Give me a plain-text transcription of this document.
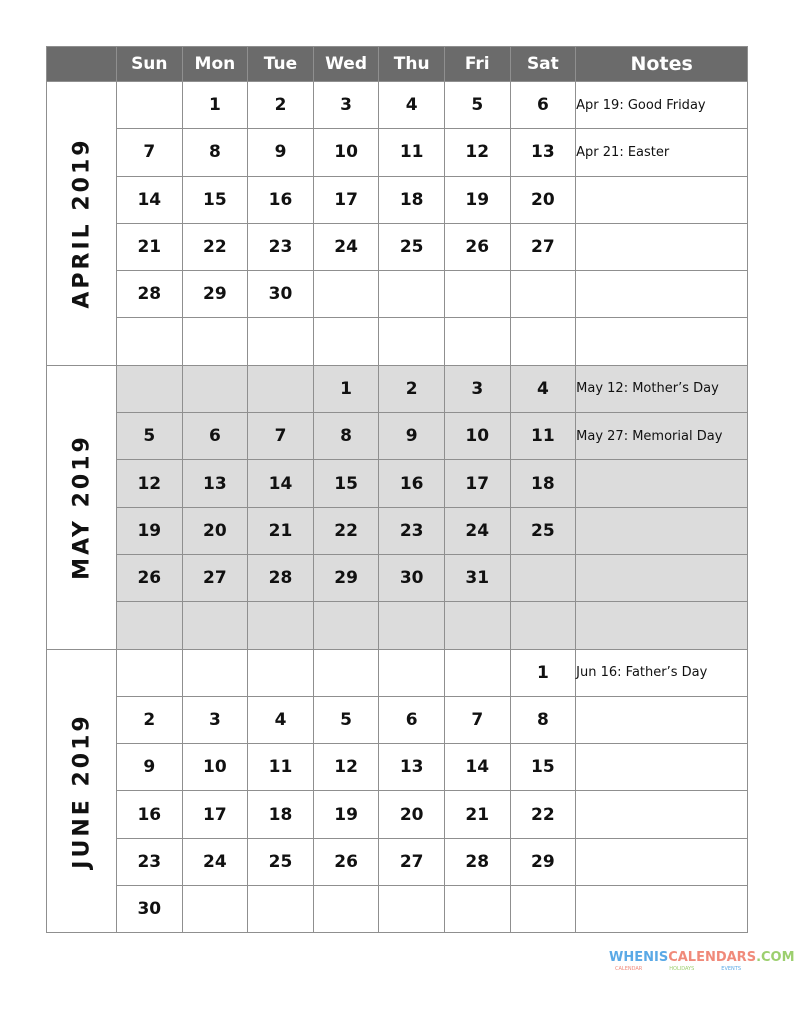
	Sun	Mon	Tue	Wed	Thu	Fri	Sat	Notes

APRIL 2019		1	2	3	4	5	6	Apr 19: Good Friday
	7	8	9	10	11	12	13	Apr 21: Easter
	14	15	16	17	18	19	20	
	21	22	23	24	25	26	27	
	28	29	30					

MAY 2019				1	2	3	4	May 12: Mother’s Day
	5	6	7	8	9	10	11	May 27: Memorial Day
	12	13	14	15	16	17	18	
	19	20	21	22	23	24	25	
	26	27	28	29	30	31		

JUNE 2019							1	Jun 16: Father’s Day
	2	3	4	5	6	7	8	
	9	10	11	12	13	14	15	
	16	17	18	19	20	21	22	
	23	24	25	26	27	28	29	
	30							
WHENISCALENDARS.COM
CALENDAR	HOLIDAYS	EVENTS
